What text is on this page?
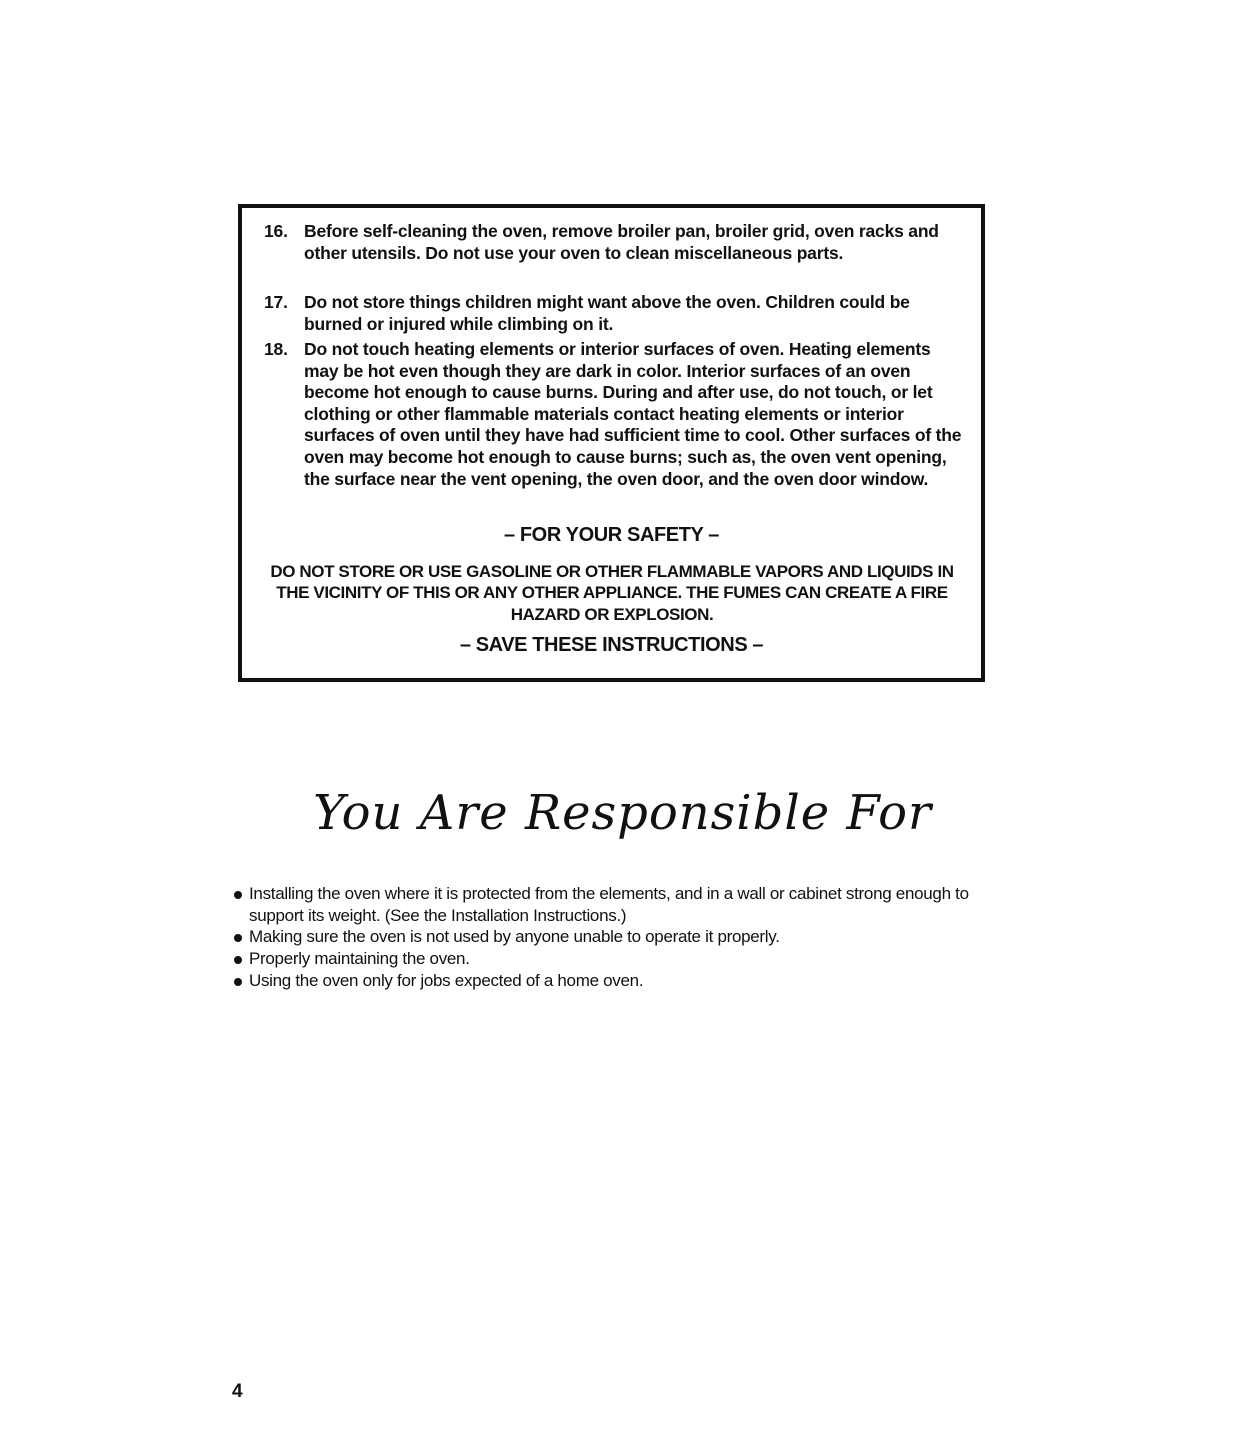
16. Before self-cleaning the oven, remove broiler pan, broiler grid, oven racks and other utensils. Do not use your oven to clean miscellaneous parts.
17. Do not store things children might want above the oven. Children could be burned or injured while climbing on it.
18. Do not touch heating elements or interior surfaces of oven. Heating elements may be hot even though they are dark in color. Interior surfaces of an oven become hot enough to cause burns. During and after use, do not touch, or let clothing or other flammable materials contact heating elements or interior surfaces of oven until they have had sufficient time to cool. Other surfaces of the oven may become hot enough to cause burns; such as, the oven vent opening, the surface near the vent opening, the oven door, and the oven door window.
– FOR YOUR SAFETY –
DO NOT STORE OR USE GASOLINE OR OTHER FLAMMABLE VAPORS AND LIQUIDS IN THE VICINITY OF THIS OR ANY OTHER APPLIANCE. THE FUMES CAN CREATE A FIRE HAZARD OR EXPLOSION.
– SAVE THESE INSTRUCTIONS –
You Are Responsible For
Installing the oven where it is protected from the elements, and in a wall or cabinet strong enough to support its weight. (See the Installation Instructions.)
Making sure the oven is not used by anyone unable to operate it properly.
Properly maintaining the oven.
Using the oven only for jobs expected of a home oven.
4
